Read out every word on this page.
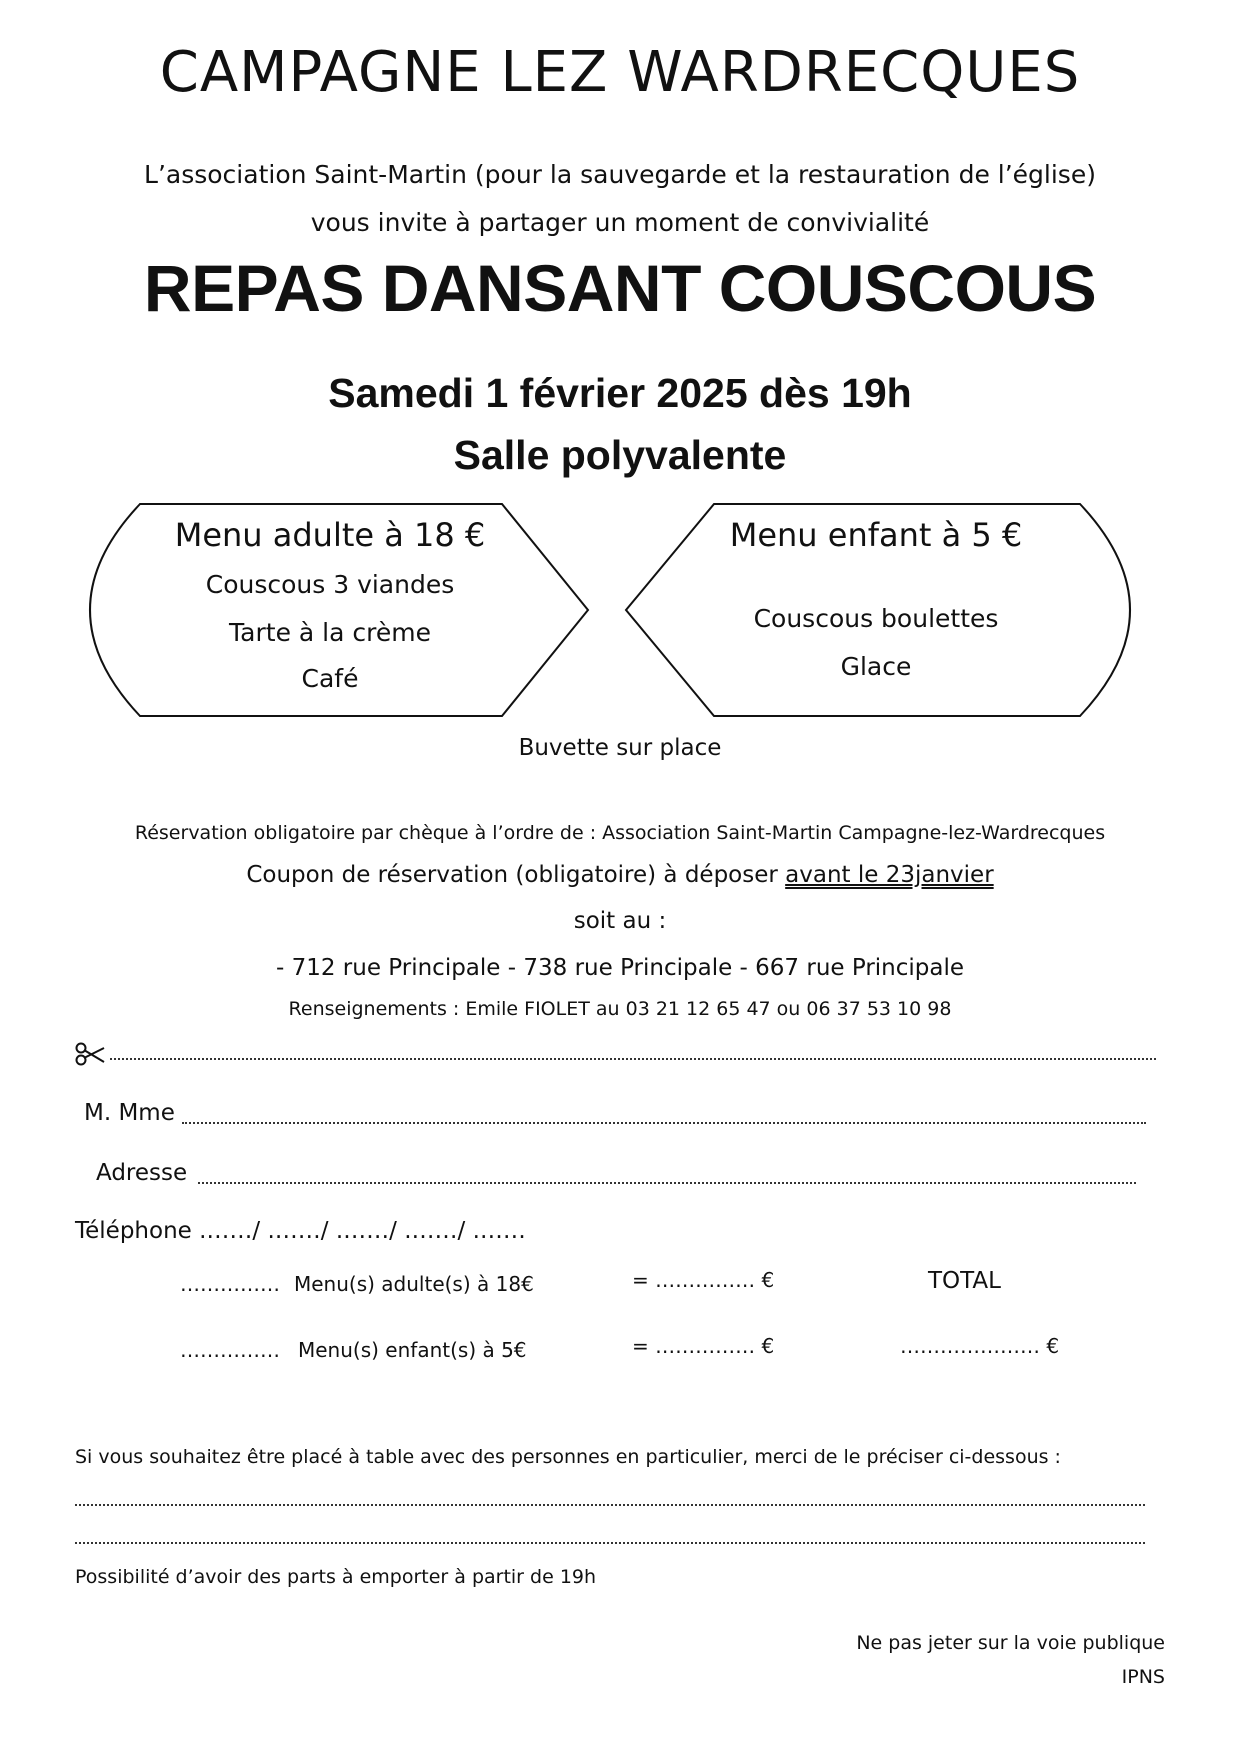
CAMPAGNE LEZ WARDRECQUES
L’association Saint-Martin (pour la sauvegarde et la restauration de l’église)
vous invite à partager un moment de convivialité
REPAS DANSANT COUSCOUS
Samedi 1 février 2025 dès 19h
Salle polyvalente
Menu adulte à 18 €
Couscous 3 viandes
Tarte à la crème
Café
Menu enfant à 5 €
Couscous boulettes
Glace
Buvette sur place
Réservation obligatoire par chèque à l’ordre de : Association Saint-Martin Campagne-lez-Wardrecques
Coupon de réservation (obligatoire) à déposer avant le 23janvier
soit au :
- 712 rue Principale - 738 rue Principale - 667 rue Principale
Renseignements : Emile FIOLET au 03 21 12 65 47 ou 06 37 53 10 98
M. Mme
Adresse
Téléphone .……/ .……/ .……/ .……/ .……
…………… Menu(s) adulte(s) à 18€	= …………… €	TOTAL
…………… Menu(s) enfant(s) à 5€	= …………… €	………………… €
Si vous souhaitez être placé à table avec des personnes en particulier, merci de le préciser ci-dessous :
Possibilité d’avoir des parts à emporter à partir de 19h
Ne pas jeter sur la voie publique
IPNS
